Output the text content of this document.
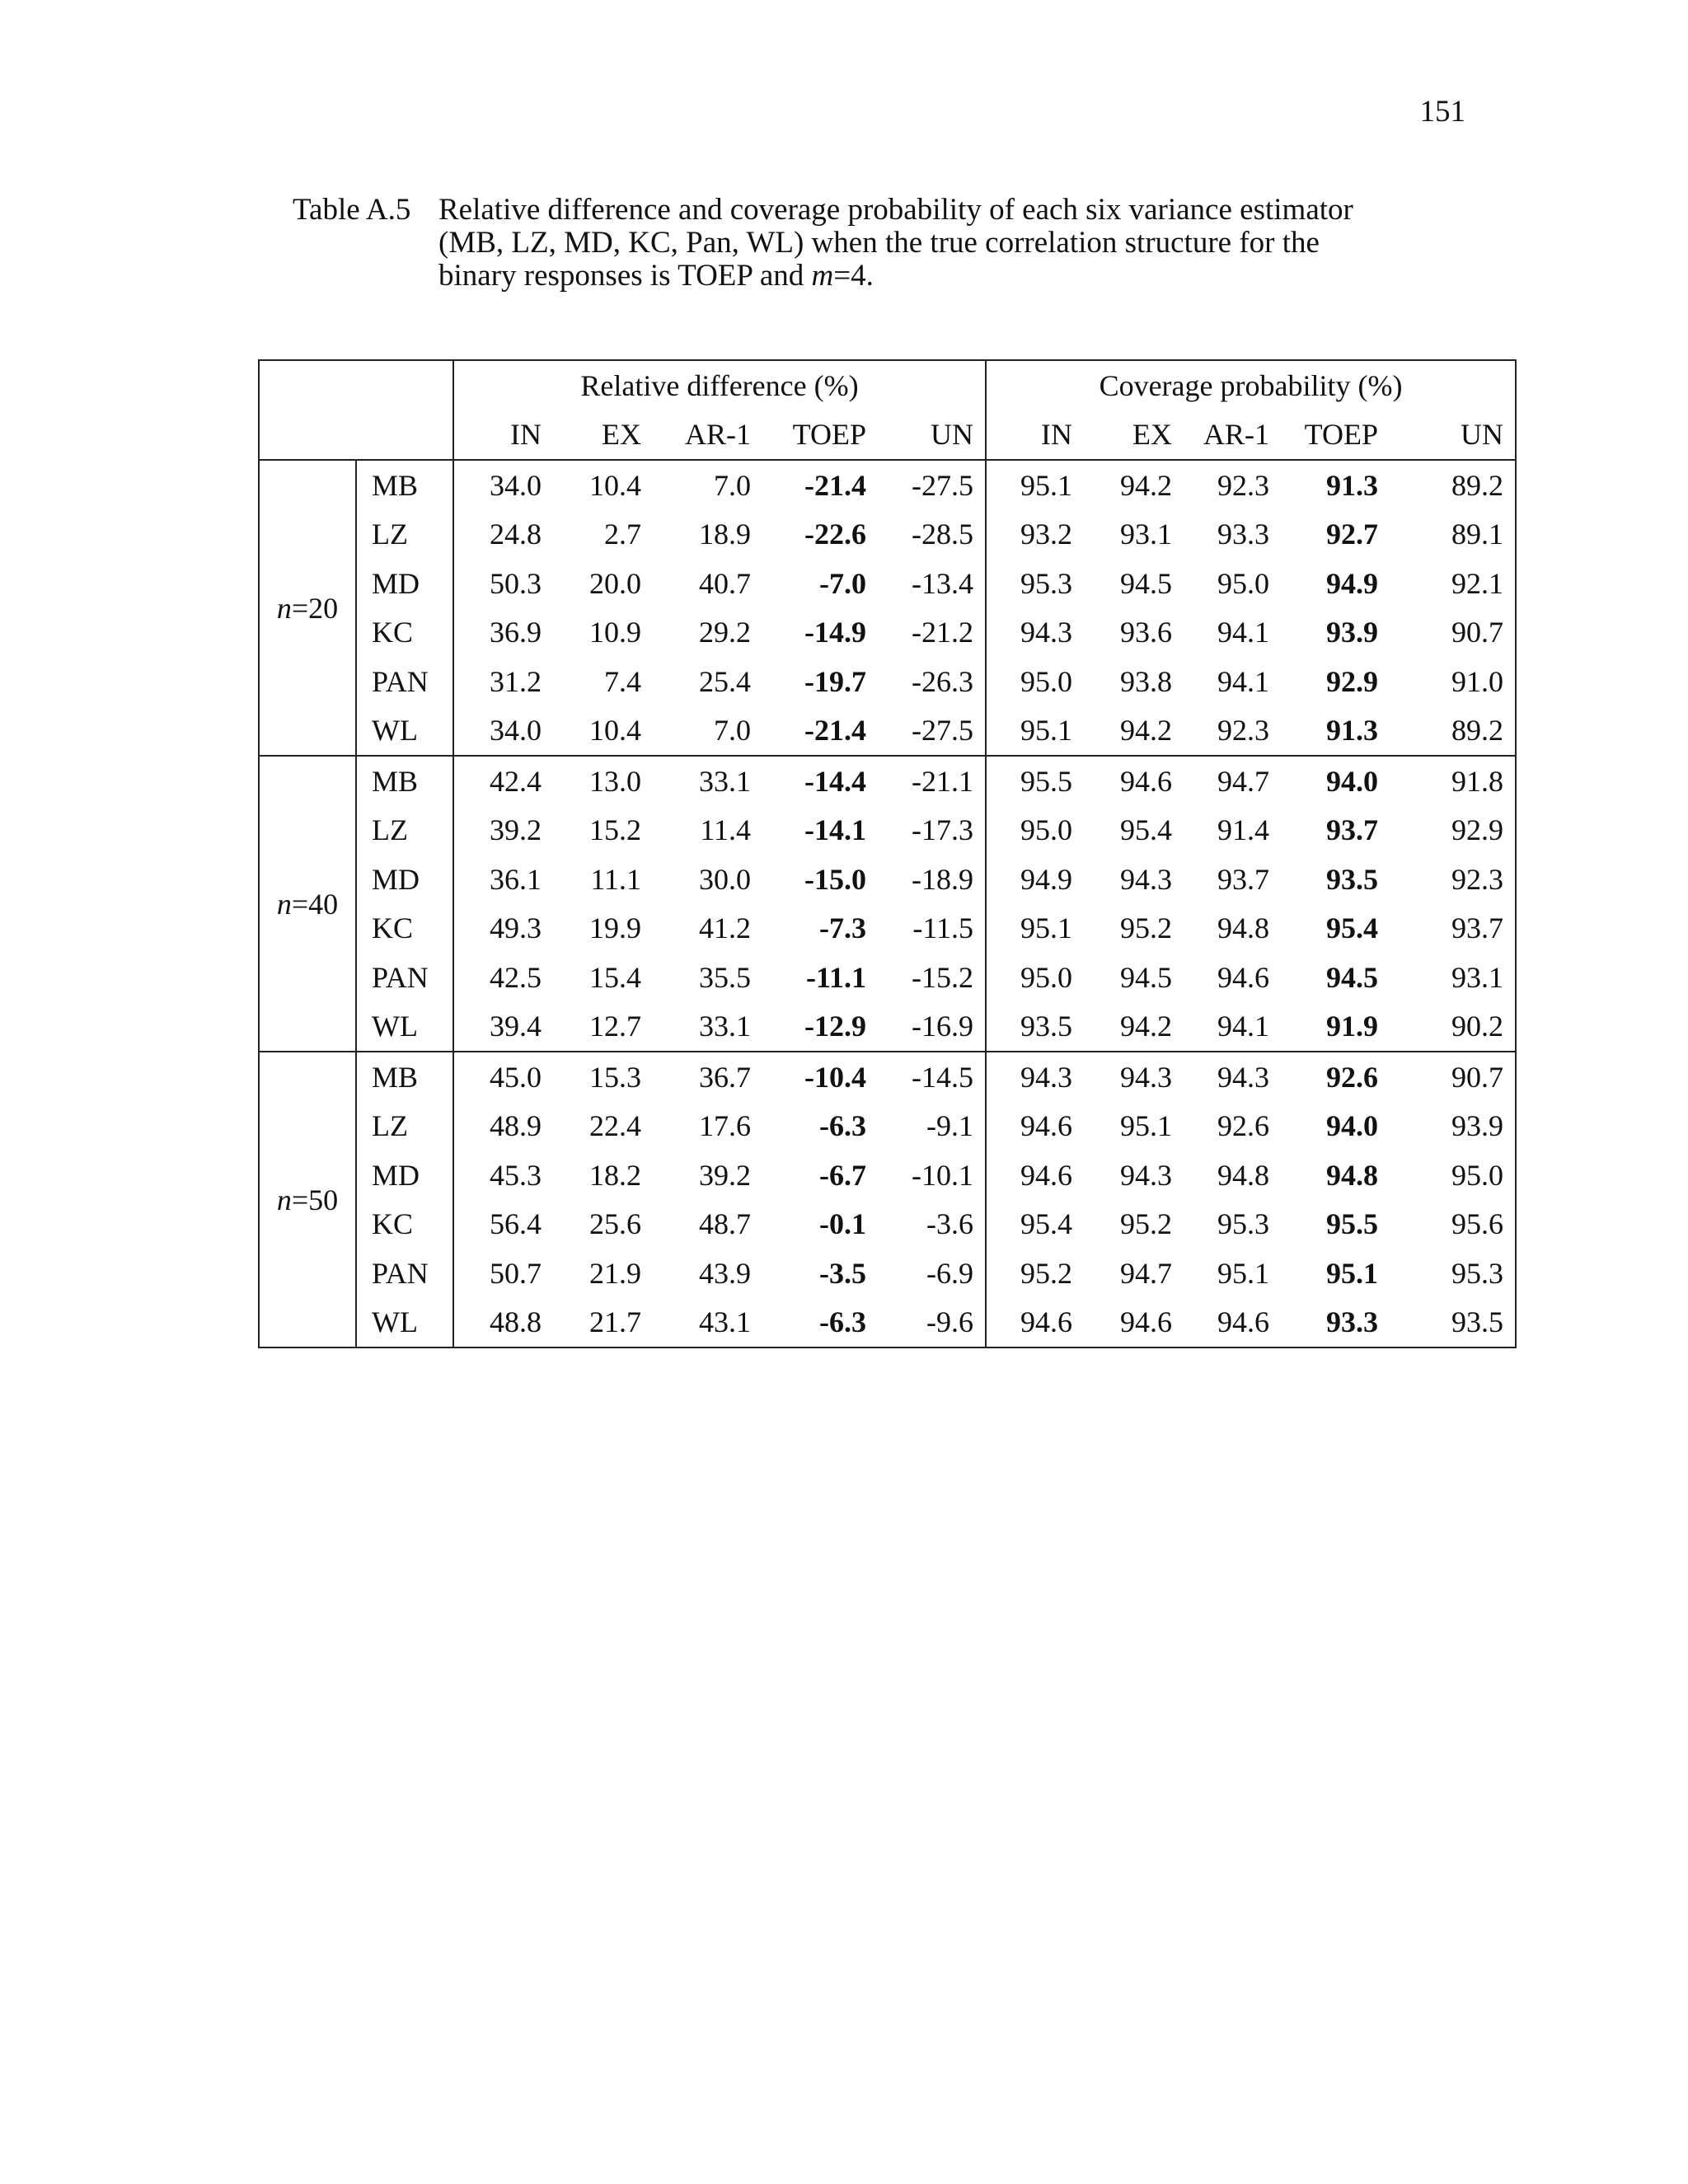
151
Table A.5 Relative difference and coverage probability of each six variance estimator

(MB, LZ, MD, KC, Pan, WL) when the true correlation structure for the

binary responses is TOEP and m=4.

		Relative difference (%)					Coverage probability (%)				
		IN	EX	AR-1	TOEP	UN	IN	EX	AR-1	TOEP	UN
n=20	MB	34.0	10.4	7.0	-21.4	-27.5	95.1	94.2	92.3	91.3	89.2
	LZ	24.8	2.7	18.9	-22.6	-28.5	93.2	93.1	93.3	92.7	89.1
	MD	50.3	20.0	40.7	-7.0	-13.4	95.3	94.5	95.0	94.9	92.1
	KC	36.9	10.9	29.2	-14.9	-21.2	94.3	93.6	94.1	93.9	90.7
	PAN	31.2	7.4	25.4	-19.7	-26.3	95.0	93.8	94.1	92.9	91.0
	WL	34.0	10.4	7.0	-21.4	-27.5	95.1	94.2	92.3	91.3	89.2
n=40	MB	42.4	13.0	33.1	-14.4	-21.1	95.5	94.6	94.7	94.0	91.8
	LZ	39.2	15.2	11.4	-14.1	-17.3	95.0	95.4	91.4	93.7	92.9
	MD	36.1	11.1	30.0	-15.0	-18.9	94.9	94.3	93.7	93.5	92.3
	KC	49.3	19.9	41.2	-7.3	-11.5	95.1	95.2	94.8	95.4	93.7
	PAN	42.5	15.4	35.5	-11.1	-15.2	95.0	94.5	94.6	94.5	93.1
	WL	39.4	12.7	33.1	-12.9	-16.9	93.5	94.2	94.1	91.9	90.2
n=50	MB	45.0	15.3	36.7	-10.4	-14.5	94.3	94.3	94.3	92.6	90.7
	LZ	48.9	22.4	17.6	-6.3	-9.1	94.6	95.1	92.6	94.0	93.9
	MD	45.3	18.2	39.2	-6.7	-10.1	94.6	94.3	94.8	94.8	95.0
	KC	56.4	25.6	48.7	-0.1	-3.6	95.4	95.2	95.3	95.5	95.6
	PAN	50.7	21.9	43.9	-3.5	-6.9	95.2	94.7	95.1	95.1	95.3
	WL	48.8	21.7	43.1	-6.3	-9.6	94.6	94.6	94.6	93.3	93.5
